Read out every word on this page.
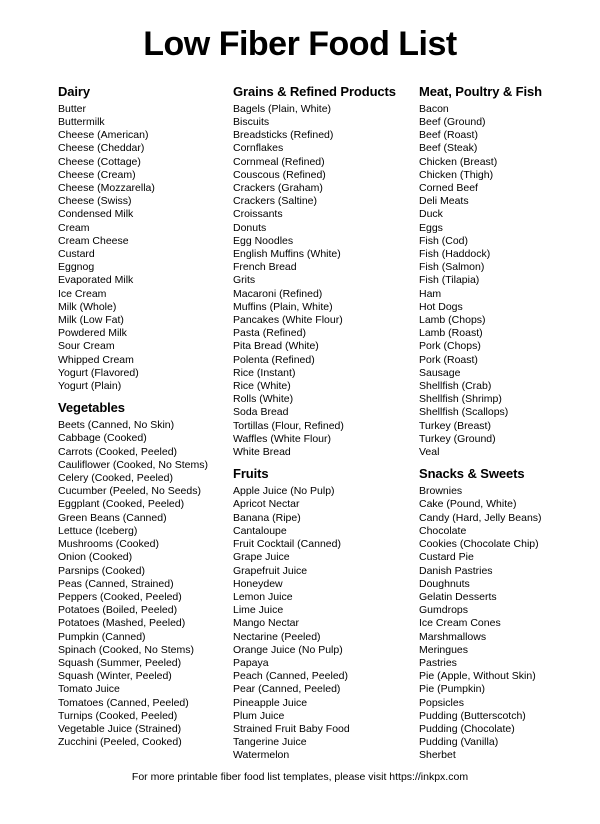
Low Fiber Food List
Dairy
Butter
Buttermilk
Cheese (American)
Cheese (Cheddar)
Cheese (Cottage)
Cheese (Cream)
Cheese (Mozzarella)
Cheese (Swiss)
Condensed Milk
Cream
Cream Cheese
Custard
Eggnog
Evaporated Milk
Ice Cream
Milk (Whole)
Milk (Low Fat)
Powdered Milk
Sour Cream
Whipped Cream
Yogurt (Flavored)
Yogurt (Plain)
Vegetables
Beets (Canned, No Skin)
Cabbage (Cooked)
Carrots (Cooked, Peeled)
Cauliflower (Cooked, No Stems)
Celery (Cooked, Peeled)
Cucumber (Peeled, No Seeds)
Eggplant (Cooked, Peeled)
Green Beans (Canned)
Lettuce (Iceberg)
Mushrooms (Cooked)
Onion (Cooked)
Parsnips (Cooked)
Peas (Canned, Strained)
Peppers (Cooked, Peeled)
Potatoes (Boiled, Peeled)
Potatoes (Mashed, Peeled)
Pumpkin (Canned)
Spinach (Cooked, No Stems)
Squash (Summer, Peeled)
Squash (Winter, Peeled)
Tomato Juice
Tomatoes (Canned, Peeled)
Turnips (Cooked, Peeled)
Vegetable Juice (Strained)
Zucchini (Peeled, Cooked)
Grains & Refined Products
Bagels (Plain, White)
Biscuits
Breadsticks (Refined)
Cornflakes
Cornmeal (Refined)
Couscous (Refined)
Crackers (Graham)
Crackers (Saltine)
Croissants
Donuts
Egg Noodles
English Muffins (White)
French Bread
Grits
Macaroni (Refined)
Muffins (Plain, White)
Pancakes (White Flour)
Pasta (Refined)
Pita Bread (White)
Polenta (Refined)
Rice (Instant)
Rice (White)
Rolls (White)
Soda Bread
Tortillas (Flour, Refined)
Waffles (White Flour)
White Bread
Fruits
Apple Juice (No Pulp)
Apricot Nectar
Banana (Ripe)
Cantaloupe
Fruit Cocktail (Canned)
Grape Juice
Grapefruit Juice
Honeydew
Lemon Juice
Lime Juice
Mango Nectar
Nectarine (Peeled)
Orange Juice (No Pulp)
Papaya
Peach (Canned, Peeled)
Pear (Canned, Peeled)
Pineapple Juice
Plum Juice
Strained Fruit Baby Food
Tangerine Juice
Watermelon
Meat, Poultry & Fish
Bacon
Beef (Ground)
Beef (Roast)
Beef (Steak)
Chicken (Breast)
Chicken (Thigh)
Corned Beef
Deli Meats
Duck
Eggs
Fish (Cod)
Fish (Haddock)
Fish (Salmon)
Fish (Tilapia)
Ham
Hot Dogs
Lamb (Chops)
Lamb (Roast)
Pork (Chops)
Pork (Roast)
Sausage
Shellfish (Crab)
Shellfish (Shrimp)
Shellfish (Scallops)
Turkey (Breast)
Turkey (Ground)
Veal
Snacks & Sweets
Brownies
Cake (Pound, White)
Candy (Hard, Jelly Beans)
Chocolate
Cookies (Chocolate Chip)
Custard Pie
Danish Pastries
Doughnuts
Gelatin Desserts
Gumdrops
Ice Cream Cones
Marshmallows
Meringues
Pastries
Pie (Apple, Without Skin)
Pie (Pumpkin)
Popsicles
Pudding (Butterscotch)
Pudding (Chocolate)
Pudding (Vanilla)
Sherbet
For more printable fiber food list templates, please visit https://inkpx.com
